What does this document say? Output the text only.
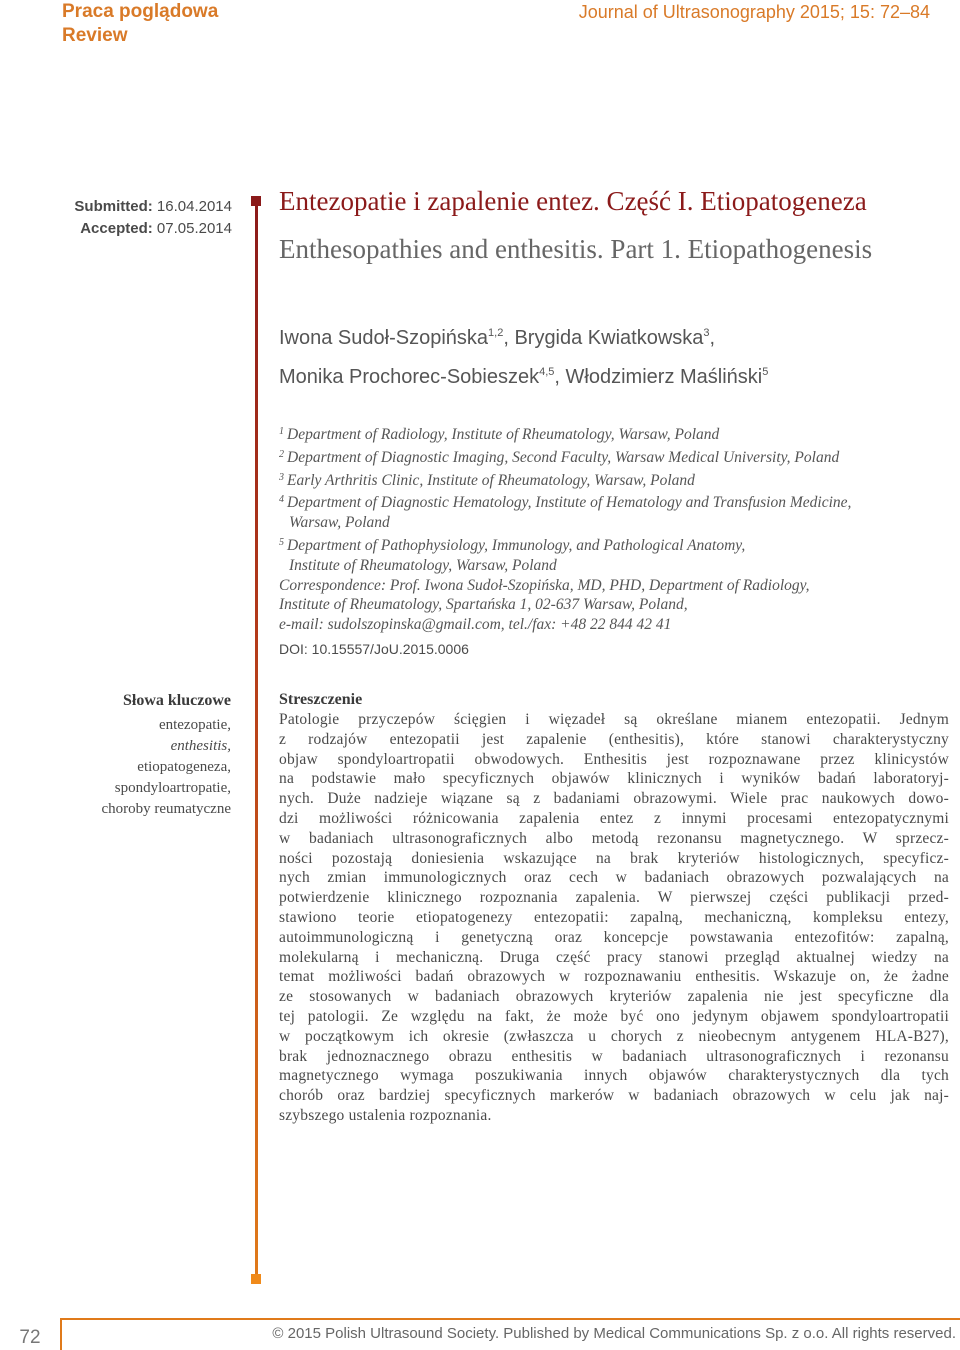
Praca poglądowa
Review
Journal of Ultrasonography 2015; 15: 72–84
Submitted: 16.04.2014
Accepted: 07.05.2014
Entezopatie i zapalenie entez. Część I. Etiopatogeneza
Enthesopathies and enthesitis. Part 1. Etiopathogenesis
Iwona Sudoł-Szopińska$^{1,2}$, Brygida Kwiatkowska$^3$,
Monika Prochorec-Sobieszek$^{4,5}$, Włodzimierz Maśliński$^5$
$^1$ Department of Radiology, Institute of Rheumatology, Warsaw, Poland
$^2$ Department of Diagnostic Imaging, Second Faculty, Warsaw Medical University, Poland
$^3$ Early Arthritis Clinic, Institute of Rheumatology, Warsaw, Poland
$^4$ Department of Diagnostic Hematology, Institute of Hematology and Transfusion Medicine,
Warsaw, Poland
$^5$ Department of Pathophysiology, Immunology, and Pathological Anatomy,
Institute of Rheumatology, Warsaw, Poland
Correspondence: Prof. Iwona Sudoł-Szopińska, MD, PHD, Department of Radiology,
Institute of Rheumatology, Spartańska 1, 02-637 Warsaw, Poland,
e-mail: sudolszopinska@gmail.com, tel./fax: +48 22 844 42 41
DOI: 10.15557/JoU.2015.0006
Słowa kluczowe
entezopatie,
enthesitis,
etiopatogeneza,
spondyloartropatie,
choroby reumatyczne
Streszczenie
Patologie przyczepów ścięgien i więzadeł są określane mianem entezopatii. Jednym
z rodzajów entezopatii jest zapalenie (enthesitis), które stanowi charakterystyczny
objaw spondyloartropatii obwodowych. Enthesitis jest rozpoznawane przez klinicystów
na podstawie mało specyficznych objawów klinicznych i wyników badań laboratoryj-
nych. Duże nadzieje wiązane są z badaniami obrazowymi. Wiele prac naukowych dowo-
dzi możliwości różnicowania zapalenia entez z innymi procesami entezopatycznymi
w badaniach ultrasonograficznych albo metodą rezonansu magnetycznego. W sprzecz-
ności pozostają doniesienia wskazujące na brak kryteriów histologicznych, specyficz-
nych zmian immunologicznych oraz cech w badaniach obrazowych pozwalających na
potwierdzenie klinicznego rozpoznania zapalenia. W pierwszej części publikacji przed-
stawiono teorie etiopatogenezy entezopatii: zapalną, mechaniczną, kompleksu entezy,
autoimmunologiczną i genetyczną oraz koncepcje powstawania entezofitów: zapalną,
molekularną i mechaniczną. Druga część pracy stanowi przegląd aktualnej wiedzy na
temat możliwości badań obrazowych w rozpoznawaniu enthesitis. Wskazuje on, że żadne
ze stosowanych w badaniach obrazowych kryteriów zapalenia nie jest specyficzne dla
tej patologii. Ze względu na fakt, że może być ono jedynym objawem spondyloartropatii
w początkowym ich okresie (zwłaszcza u chorych z nieobecnym antygenem HLA-B27),
brak jednoznacznego obrazu enthesitis w badaniach ultrasonograficznych i rezonansu
magnetycznego wymaga poszukiwania innych objawów charakterystycznych dla tych
chorób oraz bardziej specyficznych markerów w badaniach obrazowych w celu jak naj-
szybszego ustalenia rozpoznania.
72	© 2015 Polish Ultrasound Society. Published by Medical Communications Sp. z o.o. All rights reserved.
